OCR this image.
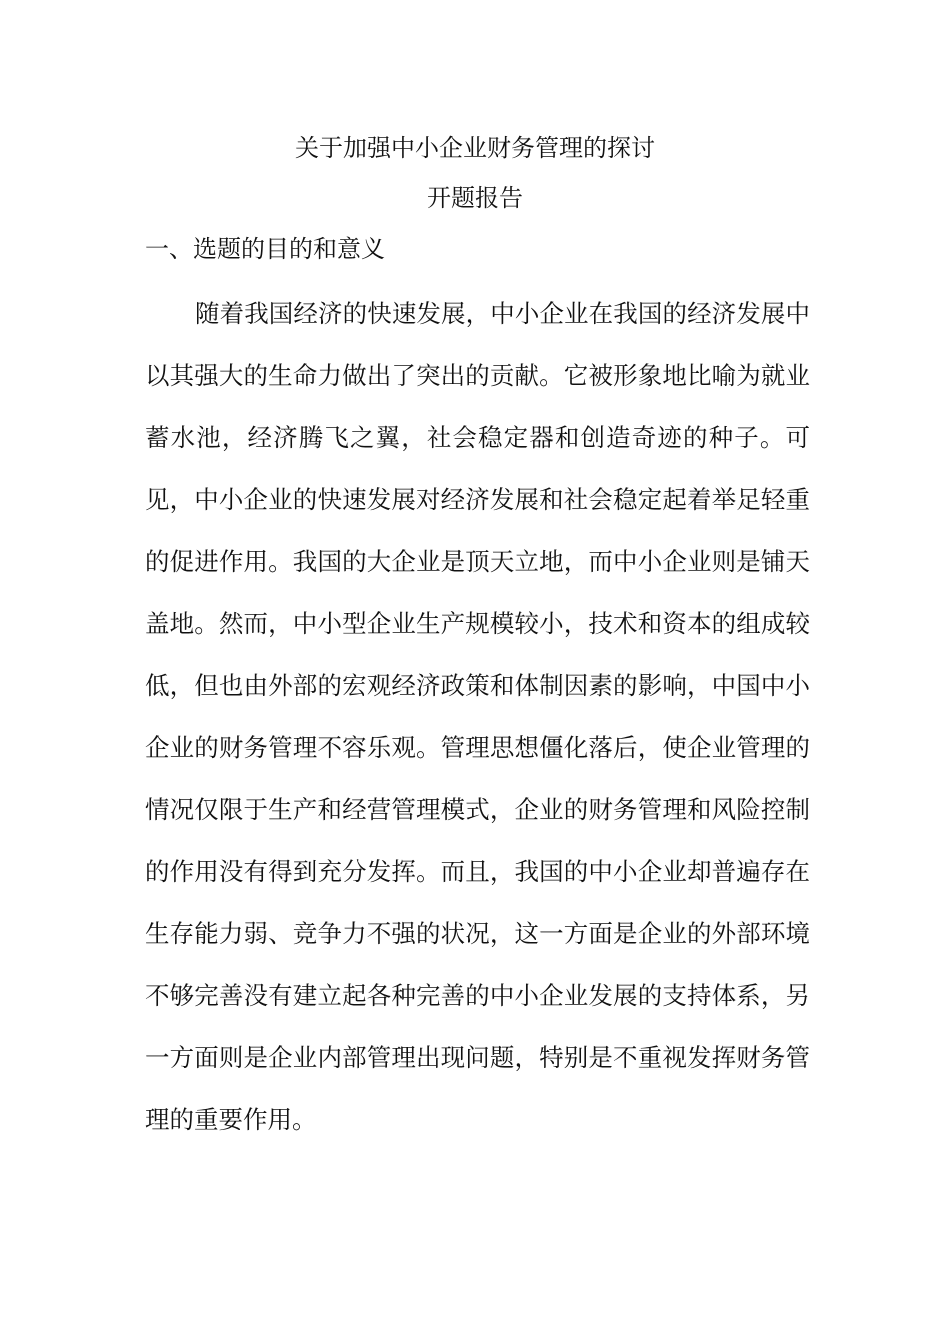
关于加强中小企业财务管理的探讨
开题报告
一、选题的目的和意义

随着我国经济的快速发展，中小企业在我国的经济发展中以其强大的生命力做出了突出的贡献。它被形象地比喻为就业蓄水池，经济腾飞之翼，社会稳定器和创造奇迹的种子。可见，中小企业的快速发展对经济发展和社会稳定起着举足轻重的促进作用。我国的大企业是顶天立地，而中小企业则是铺天盖地。然而，中小型企业生产规模较小，技术和资本的组成较低，但也由外部的宏观经济政策和体制因素的影响，中国中小企业的财务管理不容乐观。管理思想僵化落后，使企业管理的情况仅限于生产和经营管理模式，企业的财务管理和风险控制的作用没有得到充分发挥。而且，我国的中小企业却普遍存在生存能力弱、竞争力不强的状况，这一方面是企业的外部环境不够完善没有建立起各种完善的中小企业发展的支持体系，另一方面则是企业内部管理出现问题，特别是不重视发挥财务管理的重要作用。
